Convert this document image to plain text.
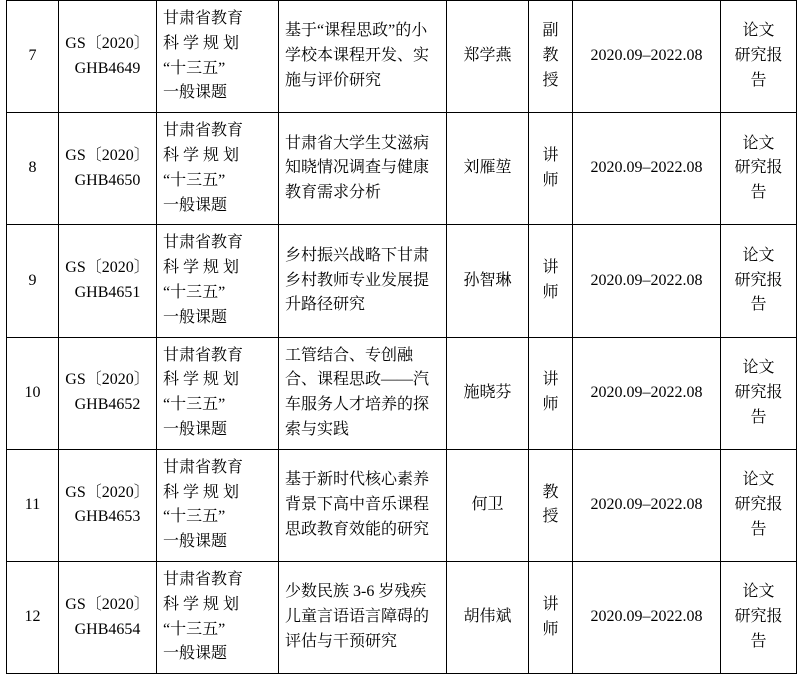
7	GS〔2020〕
GHB4649	甘肃省教育
科 学 规 划
“十三五”
一般课题	基于“课程思政”的小学校本课程开发、实施与评价研究	郑学燕	副
教
授	2020.09–2022.08	论文
研究报
告

8	GS〔2020〕
GHB4650	甘肃省教育
科 学 规 划
“十三五”
一般课题	甘肃省大学生艾滋病知晓情况调查与健康教育需求分析	刘雁堃	讲
师	2020.09–2022.08	论文
研究报
告

9	GS〔2020〕
GHB4651	甘肃省教育
科 学 规 划
“十三五”
一般课题	乡村振兴战略下甘肃乡村教师专业发展提升路径研究	孙智琳	讲
师	2020.09–2022.08	论文
研究报
告

10	GS〔2020〕
GHB4652	甘肃省教育
科 学 规 划
“十三五”
一般课题	工管结合、专创融合、课程思政——汽车服务人才培养的探索与实践	施晓芬	讲
师	2020.09–2022.08	论文
研究报
告

11	GS〔2020〕
GHB4653	甘肃省教育
科 学 规 划
“十三五”
一般课题	基于新时代核心素养背景下高中音乐课程思政教育效能的研究	何卫	教
授	2020.09–2022.08	论文
研究报
告

12	GS〔2020〕
GHB4654	甘肃省教育
科 学 规 划
“十三五”
一般课题	少数民族 3-6 岁残疾儿童言语语言障碍的评估与干预研究	胡伟斌	讲
师	2020.09–2022.08	论文
研究报
告
